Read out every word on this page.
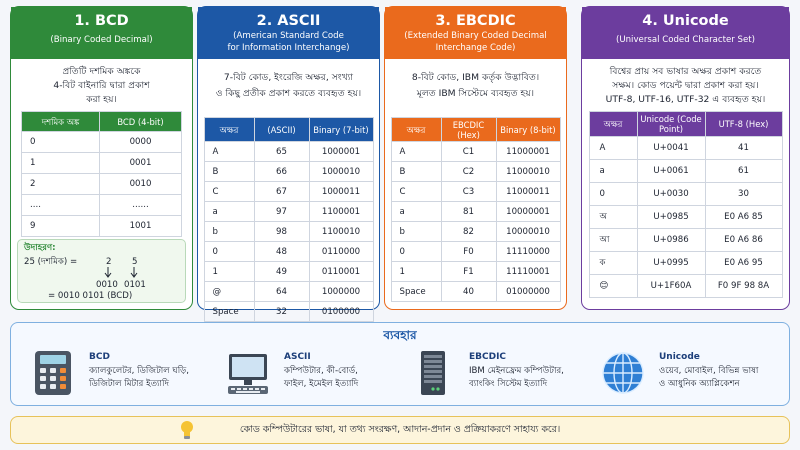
1. BCD
(Binary Coded Decimal)
প্রতিটি দশমিক অঙ্ককে
4-বিট বাইনারি দ্বারা প্রকাশ
করা হয়।
দশমিক অঙ্ক	BCD (4-bit)
0	0000
1	0001
2	0010
....	......
9	1001
উদাহরণ:
25 (দশমিক) =	2 5
0010 0101
= 0010 0101 (BCD)
2. ASCII
(American Standard Code
for Information Interchange)
7-বিট কোড, ইংরেজি অক্ষর, সংখ্যা
ও কিছু প্রতীক প্রকাশ করতে ব্যবহৃত হয়।
অক্ষর	(ASCII)	Binary (7-bit)
A	65	1000001
B	66	1000010
C	67	1000011
a	97	1100001
b	98	1100010
0	48	0110000
1	49	0110001
@	64	1000000
Space	32	0100000
3. EBCDIC
(Extended Binary Coded Decimal
Interchange Code)
8-বিট কোড, IBM কর্তৃক উদ্ভাবিত।
মূলত IBM সিস্টেমে ব্যবহৃত হয়।
অক্ষর	EBCDIC (Hex)	Binary (8-bit)
A	C1	11000001
B	C2	11000010
C	C3	11000011
a	81	10000001
b	82	10000010
0	F0	11110000
1	F1	11110001
Space	40	01000000
4. Unicode
(Universal Coded Character Set)
বিশ্বের প্রায় সব ভাষার অক্ষর প্রকাশ করতে
সক্ষম। কোড পয়েন্ট দ্বারা প্রকাশ করা হয়।
UTF-8, UTF-16, UTF-32 এ ব্যবহৃত হয়।
অক্ষর	Unicode (Code Point)	UTF-8 (Hex)
A	U+0041	41
a	U+0061	61
0	U+0030	30
অ	U+0985	E0 A6 85
আ	U+0986	E0 A6 86
ক	U+0995	E0 A6 95
😊	U+1F60A	F0 9F 98 8A
ব্যবহার
BCD
ক্যালকুলেটর, ডিজিটাল ঘড়ি,
ডিজিটাল মিটার ইত্যাদি
ASCII
কম্পিউটার, কী-বোর্ড,
ফাইল, ইমেইল ইত্যাদি
EBCDIC
IBM মেইনফ্রেম কম্পিউটার,
ব্যাংকিং সিস্টেম ইত্যাদি
Unicode
ওয়েব, মোবাইল, বিভিন্ন ভাষা
ও আধুনিক অ্যাপ্লিকেশন
কোড কম্পিউটারের ভাষা, যা তথ্য সংরক্ষণ, আদান-প্রদান ও প্রক্রিয়াকরণে সাহায্য করে।
